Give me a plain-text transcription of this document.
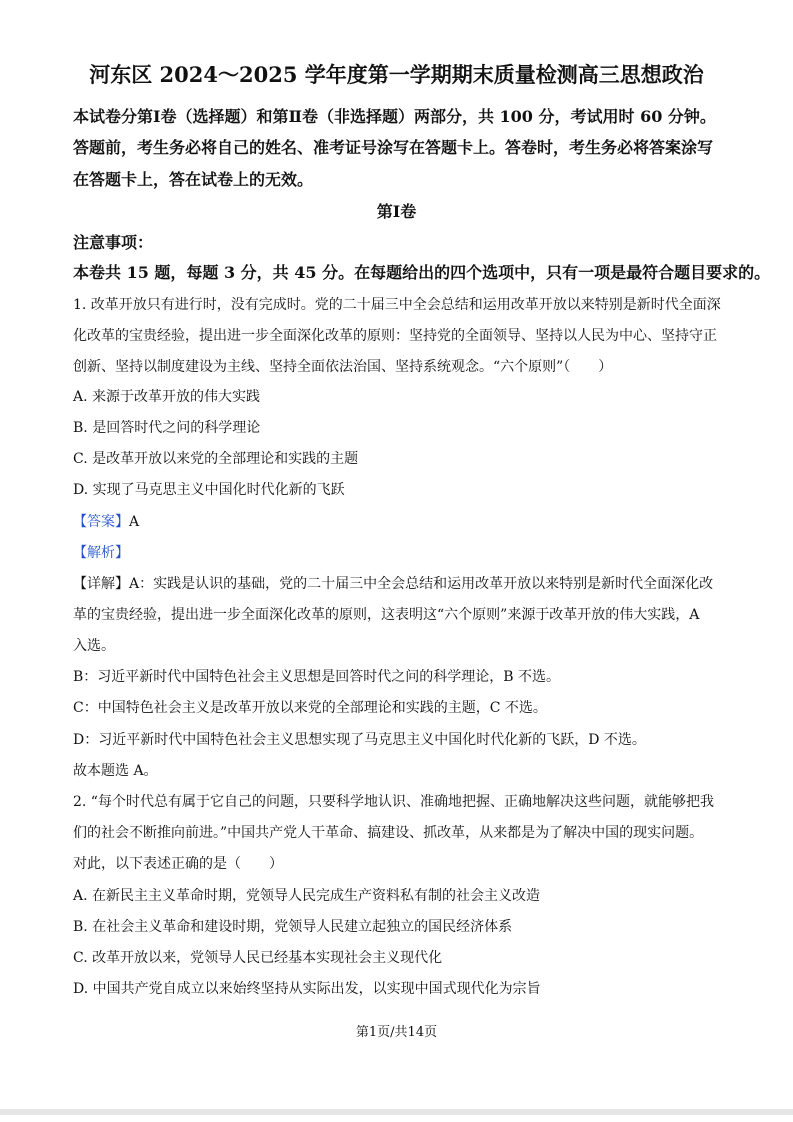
河东区 2024～2025 学年度第一学期期末质量检测高三思想政治
本试卷分第Ⅰ卷（选择题）和第Ⅱ卷（非选择题）两部分，共 100 分，考试用时 60 分钟。
答题前，考生务必将自己的姓名、准考证号涂写在答题卡上。答卷时，考生务必将答案涂写
在答题卡上，答在试卷上的无效。
第Ⅰ卷
注意事项：
本卷共 15 题，每题 3 分，共 45 分。在每题给出的四个选项中，只有一项是最符合题目要求的。
1. 改革开放只有进行时，没有完成时。党的二十届三中全会总结和运用改革开放以来特别是新时代全面深
化改革的宝贵经验，提出进一步全面深化改革的原则：坚持党的全面领导、坚持以人民为中心、坚持守正
创新、坚持以制度建设为主线、坚持全面依法治国、坚持系统观念。“六个原则”（　　）
A. 来源于改革开放的伟大实践
B. 是回答时代之问的科学理论
C. 是改革开放以来党的全部理论和实践的主题
D. 实现了马克思主义中国化时代化新的飞跃
【答案】A
【解析】
【详解】A：实践是认识的基础，党的二十届三中全会总结和运用改革开放以来特别是新时代全面深化改
革的宝贵经验，提出进一步全面深化改革的原则，这表明这“六个原则”来源于改革开放的伟大实践，A
入选。
B：习近平新时代中国特色社会主义思想是回答时代之问的科学理论，B 不选。
C：中国特色社会主义是改革开放以来党的全部理论和实践的主题，C 不选。
D：习近平新时代中国特色社会主义思想实现了马克思主义中国化时代化新的飞跃，D 不选。
故本题选 A。
2. “每个时代总有属于它自己的问题，只要科学地认识、准确地把握、正确地解决这些问题，就能够把我
们的社会不断推向前进。”中国共产党人干革命、搞建设、抓改革，从来都是为了解决中国的现实问题。
对此，以下表述正确的是（　　）
A. 在新民主主义革命时期，党领导人民完成生产资料私有制的社会主义改造
B. 在社会主义革命和建设时期，党领导人民建立起独立的国民经济体系
C. 改革开放以来，党领导人民已经基本实现社会主义现代化
D. 中国共产党自成立以来始终坚持从实际出发，以实现中国式现代化为宗旨
第1页/共14页
